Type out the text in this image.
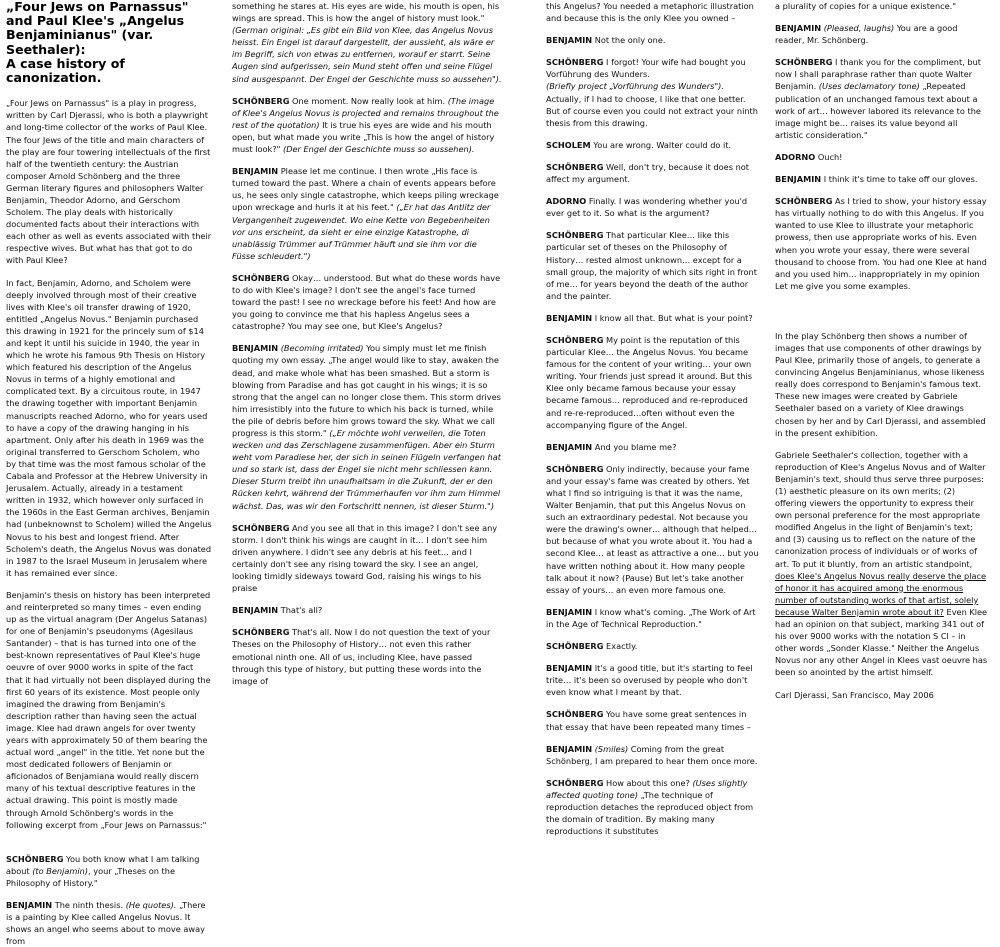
„Four Jews on Parnassus"
and Paul Klee's „Angelus
Benjaminianus" (var. Seethaler):
A case history of canonization.

„Four Jews on Parnassus" is a play in progress, written by Carl Djerassi, who is both a playwright and long-time collector of the works of Paul Klee. The four Jews of the title and main characters of the play are four towering intellectuals of the first half of the twentieth century: the Austrian composer Arnold Schönberg and the three German literary figures and philosophers Walter Benjamin, Theodor Adorno, and Gerschom Scholem. The play deals with historically documented facts about their interactions with each other as well as events associated with their respective wives. But what has that got to do with Paul Klee?

In fact, Benjamin, Adorno, and Scholem were deeply involved through most of their creative lives with Klee's oil transfer drawing of 1920, entitled „Angelus Novus." Benjamin purchased this drawing in 1921 for the princely sum of $14 and kept it until his suicide in 1940, the year in which he wrote his famous 9th Thesis on History which featured his description of the Angelus Novus in terms of a highly emotional and complicated text. By a circuitous route, in 1947 the drawing together with important Benjamin manuscripts reached Adorno, who for years used to have a copy of the drawing hanging in his apartment. Only after his death in 1969 was the original transferred to Gerschom Scholem, who by that time was the most famous scholar of the Cabala and Professor at the Hebrew University in Jerusalem. Actually, already in a testament written in 1932, which however only surfaced in the 1960s in the East German archives, Benjamin had (unbeknownst to Scholem) willed the Angelus Novus to his best and longest friend. After Scholem's death, the Angelus Novus was donated in 1987 to the Israel Museum in Jerusalem where it has remained ever since.

Benjamin's thesis on history has been interpreted and reinterpreted so many times – even ending up as the virtual anagram (Der Angelus Satanas) for one of Benjamin's pseudonyms (Agesilaus Santander) – that is has turned into one of the best-known representatives of Paul Klee's huge oeuvre of over 9000 works in spite of the fact that it had virtually not been displayed during the first 60 years of its existence. Most people only imagined the drawing from Benjamin's description rather than having seen the actual image. Klee had drawn angels for over twenty years with approximately 50 of them bearing the actual word „angel" in the title. Yet none but the most dedicated followers of Benjamin or aficionados of Benjamiana would really discern many of his textual descriptive features in the actual drawing. This point is mostly made through Arnold Schönberg's words in the following excerpt from „Four Jews on Parnassus:"

SCHÖNBERG You both know what I am talking about (to Benjamin), your „Theses on the Philosophy of History."
BENJAMIN The ninth thesis. (He quotes). „There is a painting by Klee called Angelus Novus. It shows an angel who seems about to move away from
something he stares at. His eyes are wide, his mouth is open, his wings are spread. This is how the angel of history must look." (German original: „Es gibt ein Bild von Klee, das Angelus Novus heisst. Ein Engel ist darauf dargestellt, der aussieht, als wäre er im Begriff, sich von etwas zu entfernen, worauf er starrt. Seine Augen sind aufgerissen, sein Mund steht offen und seine Flügel sind ausgespannt. Der Engel der Geschichte muss so aussehen").
SCHÖNBERG One moment. Now really look at him. (The image of Klee's Angelus Novus is projected and remains throughout the rest of the quotation) It is true his eyes are wide and his mouth open, but what made you write „This is how the angel of history must look?" (Der Engel der Geschichte muss so aussehen).
BENJAMIN Please let me continue. I then wrote „His face is turned toward the past. Where a chain of events appears before us, he sees only single catastrophe, which keeps piling wreckage upon wreckage and hurls it at his feet." („Er hat das Antlitz der Vergangenheit zugewendet. Wo eine Kette von Begebenheiten vor uns erscheint, da sieht er eine einzige Katastrophe, di unablässig Trümmer auf Trümmer häuft und sie ihm vor die Füsse schleudert.")
SCHÖNBERG Okay… understood. But what do these words have to do with Klee's image? I don't see the angel's face turned toward the past! I see no wreckage before his feet! And how are you going to convince me that his hapless Angelus sees a catastrophe? You may see one, but Klee's Angelus?
BENJAMIN (Becoming irritated) You simply must let me finish quoting my own essay. „The angel would like to stay, awaken the dead, and make whole what has been smashed. But a storm is blowing from Paradise and has got caught in his wings; it is so strong that the angel can no longer close them. This storm drives him irresistibly into the future to which his back is turned, while the pile of debris before him grows toward the sky. What we call progress is this storm." („Er möchte wohl verweilen, die Toten wecken und das Zerschlagene zusammenfügen. Aber ein Sturm weht vom Paradiese her, der sich in seinen Flügeln verfangen hat und so stark ist, dass der Engel sie nicht mehr schliessen kann. Dieser Sturm treibt ihn unaufhaltsam in die Zukunft, der er den Rücken kehrt, während der Trümmerhaufen vor ihm zum Himmel wächst. Das, was wir den Fortschritt nennen, ist dieser Sturm.")
SCHÖNBERG And you see all that in this image? I don't see any storm. I don't think his wings are caught in it… I don't see him driven anywhere. I didn't see any debris at his feet… and I certainly don't see any rising toward the sky. I see an angel, looking timidly sideways toward God, raising his wings to his praise
BENJAMIN That's all?
SCHÖNBERG That's all. Now I do not question the text of your Theses on the Philosophy of History… not even this rather emotional ninth one. All of us, including Klee, have passed through this type of history, but putting these words into the image of
this Angelus? You needed a metaphoric illustration and because this is the only Klee you owned –
BENJAMIN Not the only one.
SCHÖNBERG I forgot! Your wife had bought you Vorführung des Wunders.
(Briefly project „Vorführung des Wunders").
Actually, if I had to choose, I like that one better. But of course even you could not extract your ninth thesis from this drawing.
SCHOLEM You are wrong. Walter could do it.
SCHÖNBERG Well, don't try, because it does not affect my argument.
ADORNO Finally. I was wondering whether you'd ever get to it. So what is the argument?
SCHÖNBERG That particular Klee… like this particular set of theses on the Philosophy of History… rested almost unknown… except for a small group, the majority of which sits right in front of me… for years beyond the death of the author and the painter.
BENJAMIN I know all that. But what is your point?
SCHÖNBERG My point is the reputation of this particular Klee… the Angelus Novus. You became famous for the content of your writing… your own writing. Your friends just spread it around. But this Klee only became famous because your essay became famous… reproduced and re-reproduced and re-re-reproduced…often without even the accompanying figure of the Angel.
BENJAMIN And you blame me?
SCHÖNBERG Only indirectly, because your fame and your essay's fame was created by others. Yet what I find so intriguing is that it was the name, Walter Benjamin, that put this Angelus Novus on such an extraordinary pedestal. Not because you were the drawing's owner… although that helped… but because of what you wrote about it. You had a second Klee… at least as attractive a one… but you have written nothing about it. How many people talk about it now? (Pause) But let's take another essay of yours… an even more famous one.
BENJAMIN I know what's coming. „The Work of Art in the Age of Technical Reproduction."
SCHÖNBERG Exactly.
BENJAMIN It's a good title, but it's starting to feel trite… it's been so overused by people who don't even know what I meant by that.
SCHÖNBERG You have some great sentences in that essay that have been repeated many times –
BENJAMIN (Smiles) Coming from the great Schönberg, I am prepared to hear them once more.
SCHÖNBERG How about this one? (Uses slightly affected quoting tone) „The technique of reproduction detaches the reproduced object from the domain of tradition. By making many reproductions it substitutes
a plurality of copies for a unique existence."
BENJAMIN (Pleased, laughs) You are a good reader, Mr. Schönberg.
SCHÖNBERG I thank you for the compliment, but now I shall paraphrase rather than quote Walter Benjamin. (Uses declamatory tone) „Repeated publication of an unchanged famous text about a work of art… however labored its relevance to the image might be… raises its value beyond all artistic consideration."
ADORNO Ouch!
BENJAMIN I think it's time to take off our gloves.
SCHÖNBERG As I tried to show, your history essay has virtually nothing to do with this Angelus. If you wanted to use Klee to illustrate your metaphoric prowess, then use appropriate works of his. Even when you wrote your essay, there were several thousand to choose from. You had one Klee at hand and you used him… inappropriately in my opinion Let me give you some examples.

In the play Schönberg then shows a number of images that use components of other drawings by Paul Klee, primarily those of angels, to generate a convincing Angelus Benjaminianus, whose likeness really does correspond to Benjamin's famous text. These new images were created by Gabriele Seethaler based on a variety of Klee drawings chosen by her and by Carl Djerassi, and assembled in the present exhibition.

Gabriele Seethaler's collection, together with a reproduction of Klee's Angelus Novus and of Walter Benjamin's text, should thus serve three purposes: (1) aesthetic pleasure on its own merits; (2) offering viewers the opportunity to express their own personal preference for the most appropriate modified Angelus in the light of Benjamin's text; and (3) causing us to reflect on the nature of the canonization process of individuals or of works of art. To put it bluntly, from an artistic standpoint, does Klee's Angelus Novus really deserve the place of honor it has acquired among the enormous number of outstanding works of that artist, solely because Walter Benjamin wrote about it? Even Klee had an opinion on that subject, marking 341 out of his over 9000 works with the notation S Cl – in other words „Sonder Klasse." Neither the Angelus Novus nor any other Angel in Klees vast oeuvre has been so anointed by the artist himself.

Carl Djerassi, San Francisco, May 2006
